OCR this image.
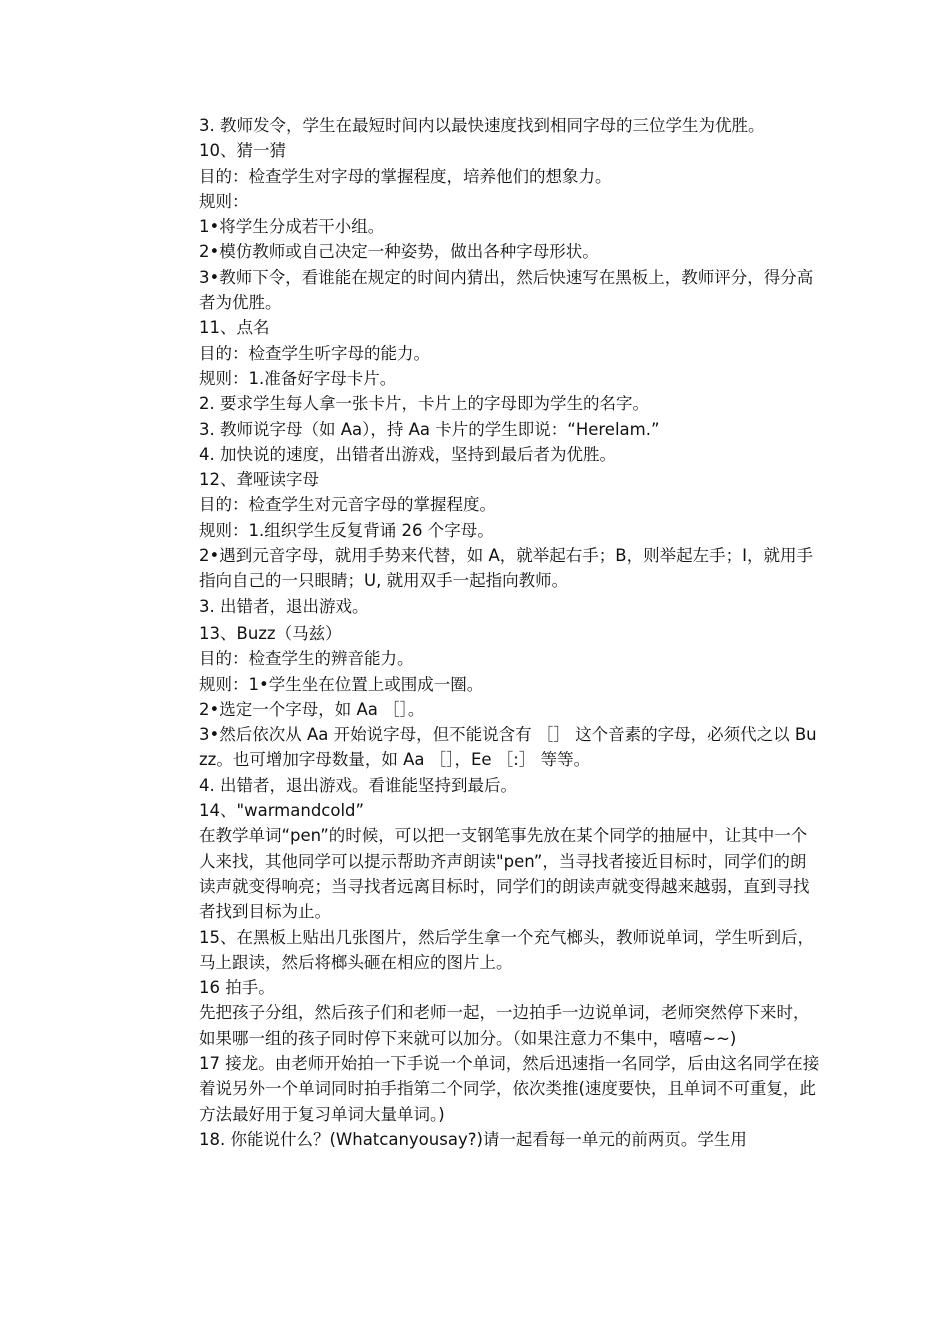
3. 教师发令，学生在最短时间内以最快速度找到相同字母的三位学生为优胜。

10、猜一猜

目的：检查学生对字母的掌握程度，培养他们的想象力。

规则：

1•将学生分成若干小组。

2•模仿教师或自己决定一种姿势，做出各种字母形状。

3•教师下令，看谁能在规定的时间内猜出，然后快速写在黑板上，教师评分，得分高者为优胜。

11、点名

目的：检查学生听字母的能力。

规则：1.准备好字母卡片。

2. 要求学生每人拿一张卡片，卡片上的字母即为学生的名字。

3. 教师说字母（如 Aa），持 Aa 卡片的学生即说：“Herelam.”

4. 加快说的速度，出错者出游戏，坚持到最后者为优胜。

12、聋哑读字母

目的：检查学生对元音字母的掌握程度。

规则：1.组织学生反复背诵 26 个字母。

2•遇到元音字母，就用手势来代替，如 A，就举起右手；B，则举起左手；I，就用手指向自己的一只眼睛；U, 就用双手一起指向教师。

3. 出错者，退出游戏。

13、Buzz（马兹）

目的：检查学生的辨音能力。

规则：1•学生坐在位置上或围成一圈。

2•选定一个字母，如 Aa ［］。

3•然后依次从 Aa 开始说字母，但不能说含有 ［］ 这个音素的字母，必须代之以 Buzz。也可增加字母数量，如 Aa ［］，Ee ［:］ 等等。

4. 出错者，退出游戏。看谁能坚持到最后。

14、"warmandcold”

在教学单词“pen”的时候，可以把一支钢笔事先放在某个同学的抽屉中，让其中一个人来找，其他同学可以提示帮助齐声朗读"pen”，当寻找者接近目标时，同学们的朗读声就变得响亮；当寻找者远离目标时，同学们的朗读声就变得越来越弱，直到寻找者找到目标为止。

15、在黑板上贴出几张图片，然后学生拿一个充气榔头，教师说单词，学生听到后，马上跟读，然后将榔头砸在相应的图片上。

16 拍手。

先把孩子分组，然后孩子们和老师一起，一边拍手一边说单词，老师突然停下来时，如果哪一组的孩子同时停下来就可以加分。（如果注意力不集中，嘻嘻~~)

17 接龙。由老师开始拍一下手说一个单词，然后迅速指一名同学，后由这名同学在接着说另外一个单词同时拍手指第二个同学，依次类推(速度要快，且单词不可重复，此方法最好用于复习单词大量单词。)

18. 你能说什么？(Whatcanyousay?)请一起看每一单元的前两页。学生用
